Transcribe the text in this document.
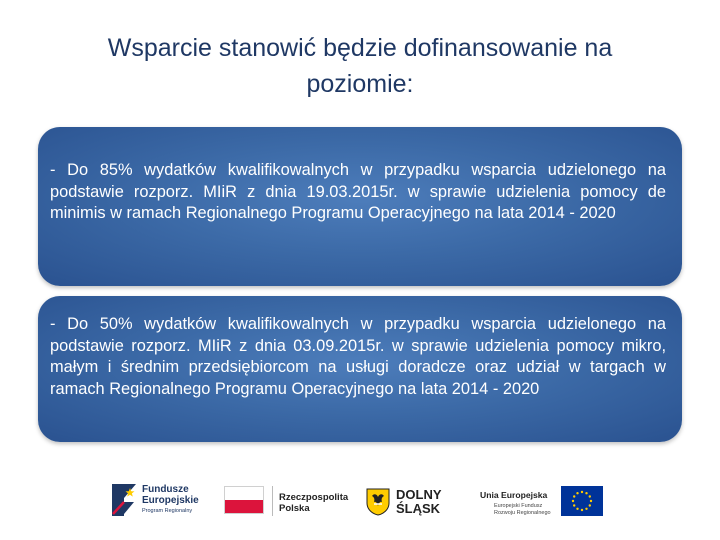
Wsparcie stanowić będzie dofinansowanie na
poziomie:

- Do 85% wydatków kwalifikowalnych w przypadku wsparcia udzielonego na podstawie rozporz. MIiR z dnia 19.03.2015r. w sprawie udzielenia pomocy de minimis w ramach Regionalnego Programu Operacyjnego na lata 2014 - 2020

- Do 50% wydatków kwalifikowalnych w przypadku wsparcia udzielonego na podstawie rozporz. MIiR z dnia 03.09.2015r. w sprawie udzielenia pomocy mikro, małym i średnim przedsiębiorcom na usługi doradcze oraz udział w targach w ramach Regionalnego Programu Operacyjnego na lata 2014 - 2020

Fundusze
Europejskie
Program Regionalny
Rzeczpospolita
Polska
DOLNY
ŚLĄSK
Unia Europejska
Europejski Fundusz
Rozwoju Regionalnego
